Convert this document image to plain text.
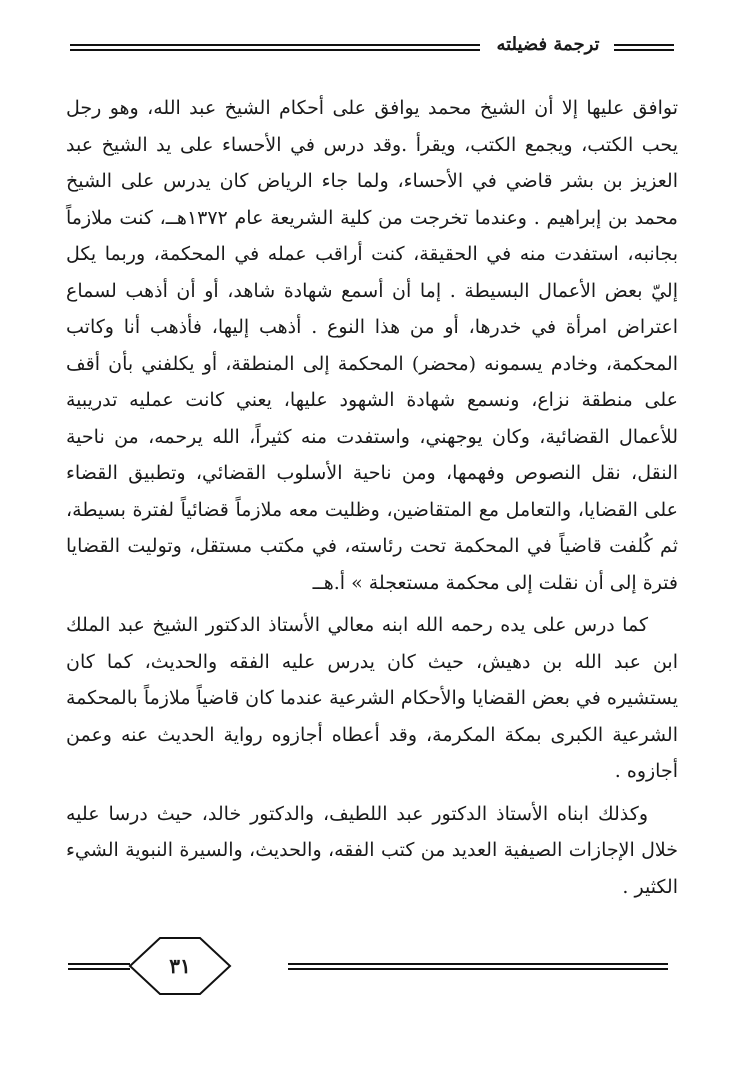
ترجمة فضيلته

توافق عليها إلا أن الشيخ محمد يوافق على أحكام الشيخ عبد الله، وهو رجل يحب الكتب، ويجمع الكتب، ويقرأ .وقد درس في الأحساء على يد الشيخ عبد العزيز بن بشر قاضي في الأحساء، ولما جاء الرياض كان يدرس على الشيخ محمد بن إبراهيم . وعندما تخرجت من كلية الشريعة عام ١٣٧٢هــ، كنت ملازماً بجانبه، استفدت منه في الحقيقة، كنت أراقب عمله في المحكمة، وربما يكل إليّ بعض الأعمال البسيطة . إما أن أسمع شهادة شاهد، أو أن أذهب لسماع اعتراض امرأة في خدرها، أو من هذا النوع . أذهب إليها، فأذهب أنا وكاتب المحكمة، وخادم يسمونه (محضر) المحكمة إلى المنطقة، أو يكلفني بأن أقف على منطقة نزاع، ونسمع شهادة الشهود عليها، يعني كانت عمليه تدريبية للأعمال القضائية، وكان يوجهني، واستفدت منه كثيراً، الله يرحمه، من ناحية النقل، نقل النصوص وفهمها، ومن ناحية الأسلوب القضائي، وتطبيق القضاء على القضايا، والتعامل مع المتقاضين، وظليت معه ملازماً قضائياً لفترة بسيطة، ثم كُلفت قاضياً في المحكمة تحت رئاسته، في مكتب مستقل، وتوليت القضايا فترة إلى أن نقلت إلى محكمة مستعجلة » أ.هــ

كما درس على يده رحمه الله ابنه معالي الأستاذ الدكتور الشيخ عبد الملك ابن عبد الله بن دهيش، حيث كان يدرس عليه الفقه والحديث، كما كان يستشيره في بعض القضايا والأحكام الشرعية عندما كان قاضياً ملازماً بالمحكمة الشرعية الكبرى بمكة المكرمة، وقد أعطاه أجازوه رواية الحديث عنه وعمن أجازوه .

وكذلك ابناه الأستاذ الدكتور عبد اللطيف، والدكتور خالد، حيث درسا عليه خلال الإجازات الصيفية العديد من كتب الفقه، والحديث، والسيرة النبوية الشيء الكثير .

٣١
